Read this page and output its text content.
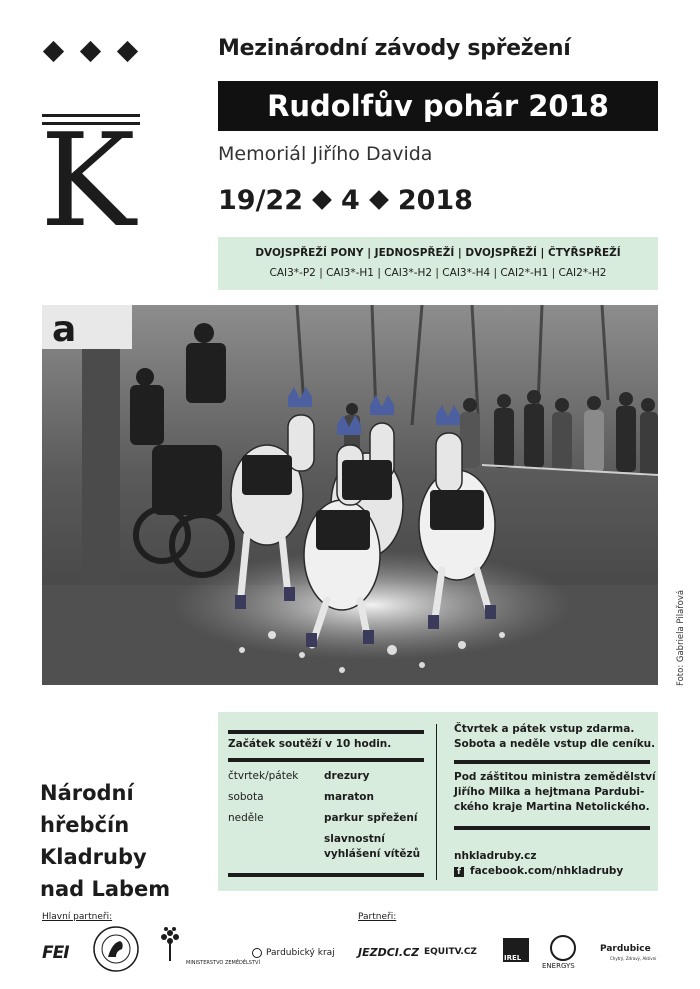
K
Mezinárodní závody spřežení
Rudolfův pohár 2018
Memoriál Jiřího Davida
19/22 4 2018
DVOJSPŘEŽÍ PONY | JEDNOSPŘEŽÍ | DVOJSPŘEŽÍ | ČTYŘSPŘEŽÍ
CAI3*-P2 | CAI3*-H1 | CAI3*-H2 | CAI3*-H4 | CAI2*-H1 | CAI2*-H2
a
Foto: Gabriela Pilařová
Národní
hřebčín
Kladruby
nad Labem
Začátek soutěží v 10 hodin.
čtvrtek/pátek drezury
sobota	maraton
neděle	parkur spřežení
slavnostní
vyhlášení vítězů
Čtvrtek a pátek vstup zdarma.
Sobota a neděle vstup dle ceníku.
Pod záštitou ministra zemědělství
Jiřího Milka a hejtmana Pardubi-
ckého kraje Martina Netolického.
nhkladruby.cz
f facebook.com/nhkladruby
Hlavní partneři:	Partneři:
FEI	MINISTERSTVO ZEMĚDĚLSTVÍ
Pardubický kraj JEZDCI.CZ EQUITV.CZ
IREL
ENERGYS
Pardubice
Chytrý, Zdravý, Aktivní
